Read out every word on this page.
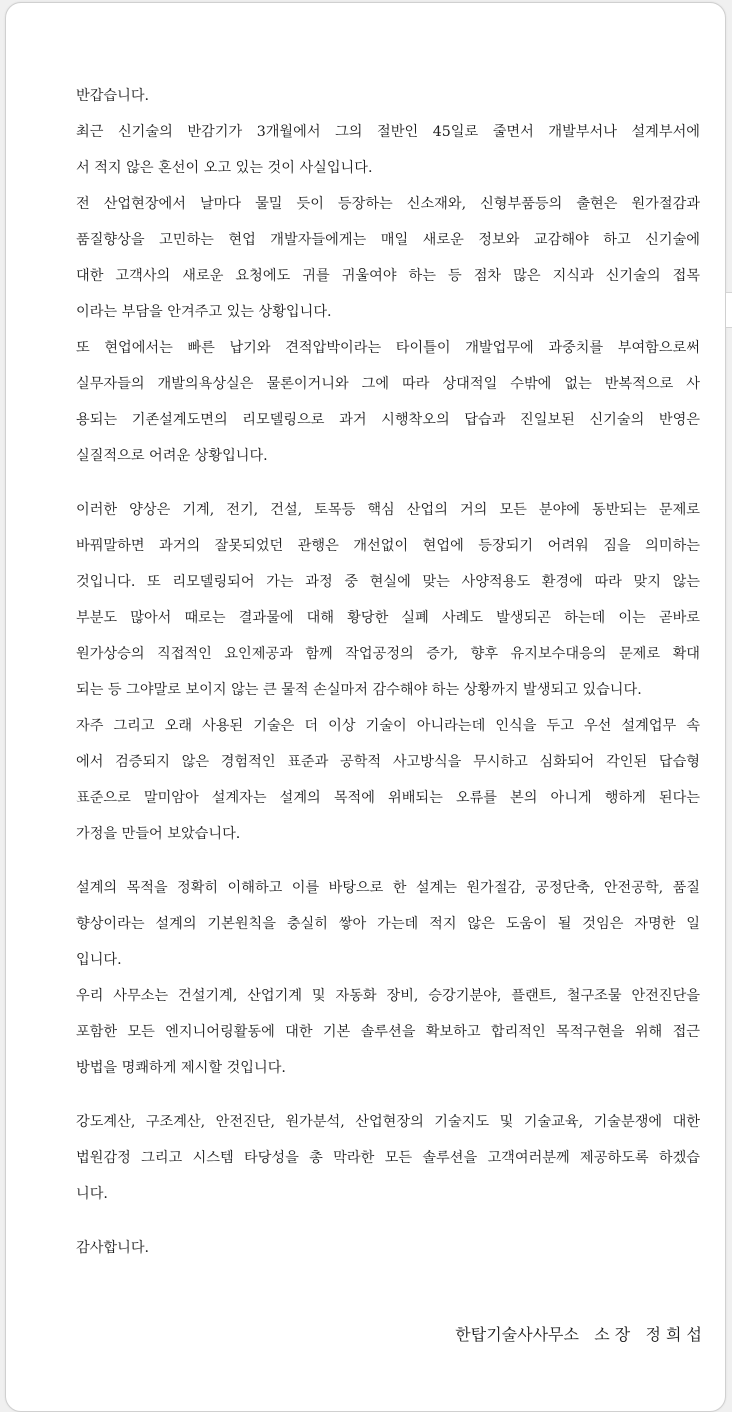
반갑습니다.
최근 신기술의 반감기가 3개월에서 그의 절반인 45일로 줄면서 개발부서나 설계부서에
서 적지 않은 혼선이 오고 있는 것이 사실입니다.
전 산업현장에서 날마다 물밀 듯이 등장하는 신소재와, 신형부품등의 출현은 원가절감과
품질향상을 고민하는 현업 개발자들에게는 매일 새로운 정보와 교감해야 하고 신기술에
대한 고객사의 새로운 요청에도 귀를 귀울여야 하는 등 점차 많은 지식과 신기술의 접목
이라는 부담을 안겨주고 있는 상황입니다.
또 현업에서는 빠른 납기와 견적압박이라는 타이틀이 개발업무에 과중치를 부여함으로써
실무자들의 개발의욕상실은 물론이거니와 그에 따라 상대적일 수밖에 없는 반복적으로 사
용되는 기존설계도면의 리모델링으로 과거 시행착오의 답습과 진일보된 신기술의 반영은
실질적으로 어려운 상황입니다.
이러한 양상은 기계, 전기, 건설, 토목등 핵심 산업의 거의 모든 분야에 동반되는 문제로
바꿔말하면 과거의 잘못되었던 관행은 개선없이 현업에 등장되기 어려워 짐을 의미하는
것입니다. 또 리모델링되어 가는 과정 중 현실에 맞는 사양적용도 환경에 따라 맞지 않는
부분도 많아서 때로는 결과물에 대해 황당한 실폐 사례도 발생되곤 하는데 이는 곧바로
원가상승의 직접적인 요인제공과 함께 작업공정의 증가, 향후 유지보수대응의 문제로 확대
되는 등 그야말로 보이지 않는 큰 물적 손실마저 감수해야 하는 상황까지 발생되고 있습니다.
자주 그리고 오래 사용된 기술은 더 이상 기술이 아니라는데 인식을 두고 우선 설계업무 속
에서 검증되지 않은 경험적인 표준과 공학적 사고방식을 무시하고 심화되어 각인된 답습형
표준으로 말미암아 설계자는 설계의 목적에 위배되는 오류를 본의 아니게 행하게 된다는
가정을 만들어 보았습니다.
설계의 목적을 정확히 이해하고 이를 바탕으로 한 설계는 원가절감, 공정단축, 안전공학, 품질
향상이라는 설계의 기본원칙을 충실히 쌓아 가는데 적지 않은 도움이 될 것임은 자명한 일
입니다.
우리 사무소는 건설기계, 산업기계 및 자동화 장비, 승강기분야, 플랜트, 철구조물 안전진단을
포함한 모든 엔지니어링활동에 대한 기본 솔루션을 확보하고 합리적인 목적구현을 위해 접근
방법을 명쾌하게 제시할 것입니다.
강도계산, 구조계산, 안전진단, 원가분석, 산업현장의 기술지도 및 기술교육, 기술분쟁에 대한
법원감정 그리고 시스템 타당성을 총 막라한 모든 솔루션을 고객여러분께 제공하도록 하겠습
니다.
감사합니다.
한탑기술사사무소   소 장   정 희 섭
